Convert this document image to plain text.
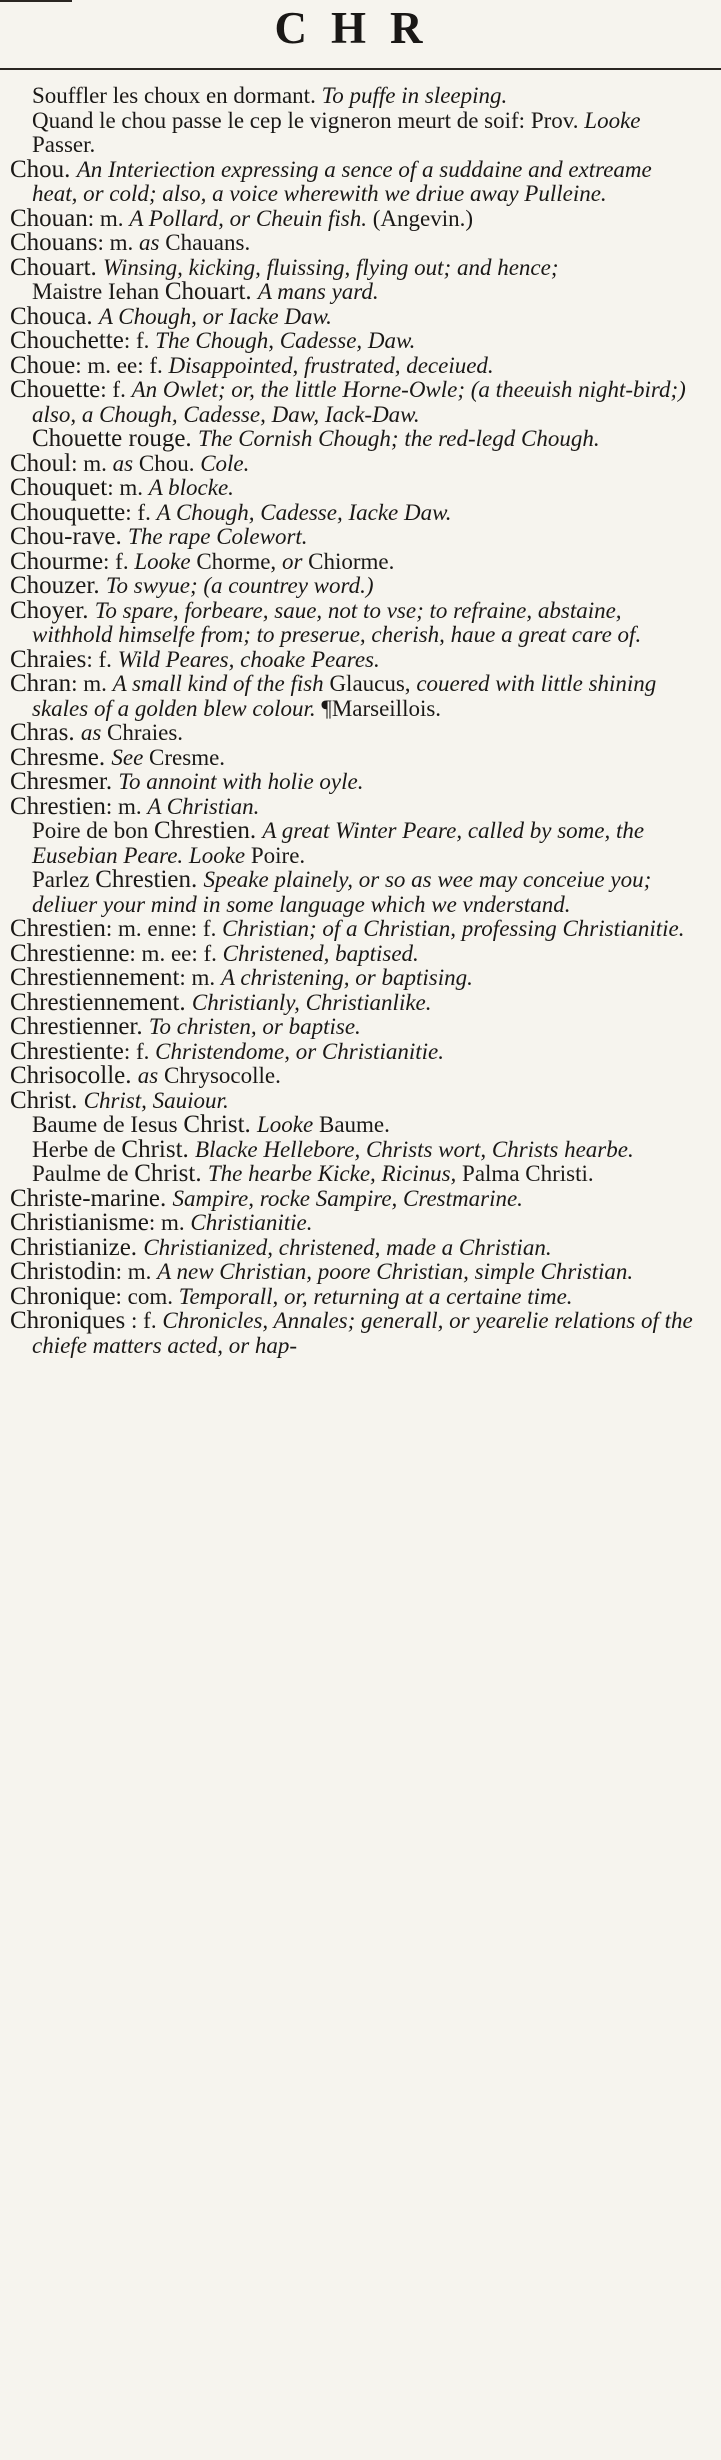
CHR

Souffler les choux en dormant. To puffe in sleeping.

Quand le chou passe le cep le vigneron meurt de soif: Prov. Looke Passer.

Chou. An Interiection expressing a sence of a suddaine and extreame heat, or cold; also, a voice wherewith we driue away Pulleine.

Chouan: m. A Pollard, or Cheuin fish. (Angevin.)

Chouans: m. as Chauans.

Chouart. Winsing, kicking, fluissing, flying out; and hence;

Maistre Iehan Chouart. A mans yard.

Chouca. A Chough, or Iacke Daw.

Chouchette: f. The Chough, Cadesse, Daw.

Choue: m. ee: f. Disappointed, frustrated, deceiued.

Chouette: f. An Owlet; or, the little Horne-Owle; (a theeuish night-bird;) also, a Chough, Cadesse, Daw, Iack-Daw.

Chouette rouge. The Cornish Chough; the red-legd Chough.

Choul: m. as Chou. Cole.

Chouquet: m. A blocke.

Chouquette: f. A Chough, Cadesse, Iacke Daw.

Chou-rave. The rape Colewort.

Chourme: f. Looke Chorme, or Chiorme.

Chouzer. To swyue; (a countrey word.)

Choyer. To spare, forbeare, saue, not to vse; to refraine, abstaine, withhold himselfe from; to preserue, cherish, haue a great care of.

Chraies: f. Wild Peares, choake Peares.

Chran: m. A small kind of the fish Glaucus, couered with little shining skales of a golden blew colour. ¶Marseillois.

Chras. as Chraies.

Chresme. See Cresme.

Chresmer. To annoint with holie oyle.

Chrestien: m. A Christian.

Poire de bon Chrestien. A great Winter Peare, called by some, the Eusebian Peare. Looke Poire.

Parlez Chrestien. Speake plainely, or so as wee may conceiue you; deliuer your mind in some language which we vnderstand.

Chrestien: m. enne: f. Christian; of a Christian, professing Christianitie.

Chrestienne: m. ee: f. Christened, baptised.

Chrestiennement: m. A christening, or baptising.

Chrestiennement. Christianly, Christianlike.

Chrestienner. To christen, or baptise.

Chrestiente: f. Christendome, or Christianitie.

Chrisocolle. as Chrysocolle.

Christ. Christ, Sauiour.

Baume de Iesus Christ. Looke Baume.

Herbe de Christ. Blacke Hellebore, Christs wort, Christs hearbe.

Paulme de Christ. The hearbe Kicke, Ricinus, Palma Christi.

Christe-marine. Sampire, rocke Sampire, Crestmarine.

Christianisme: m. Christianitie.

Christianize. Christianized, christened, made a Christian.

Christodin: m. A new Christian, poore Christian, simple Christian.

Chronique: com. Temporall, or, returning at a certaine time.

Chroniques : f. Chronicles, Annales; generall, or yearelie relations of the chiefe matters acted, or hap-
